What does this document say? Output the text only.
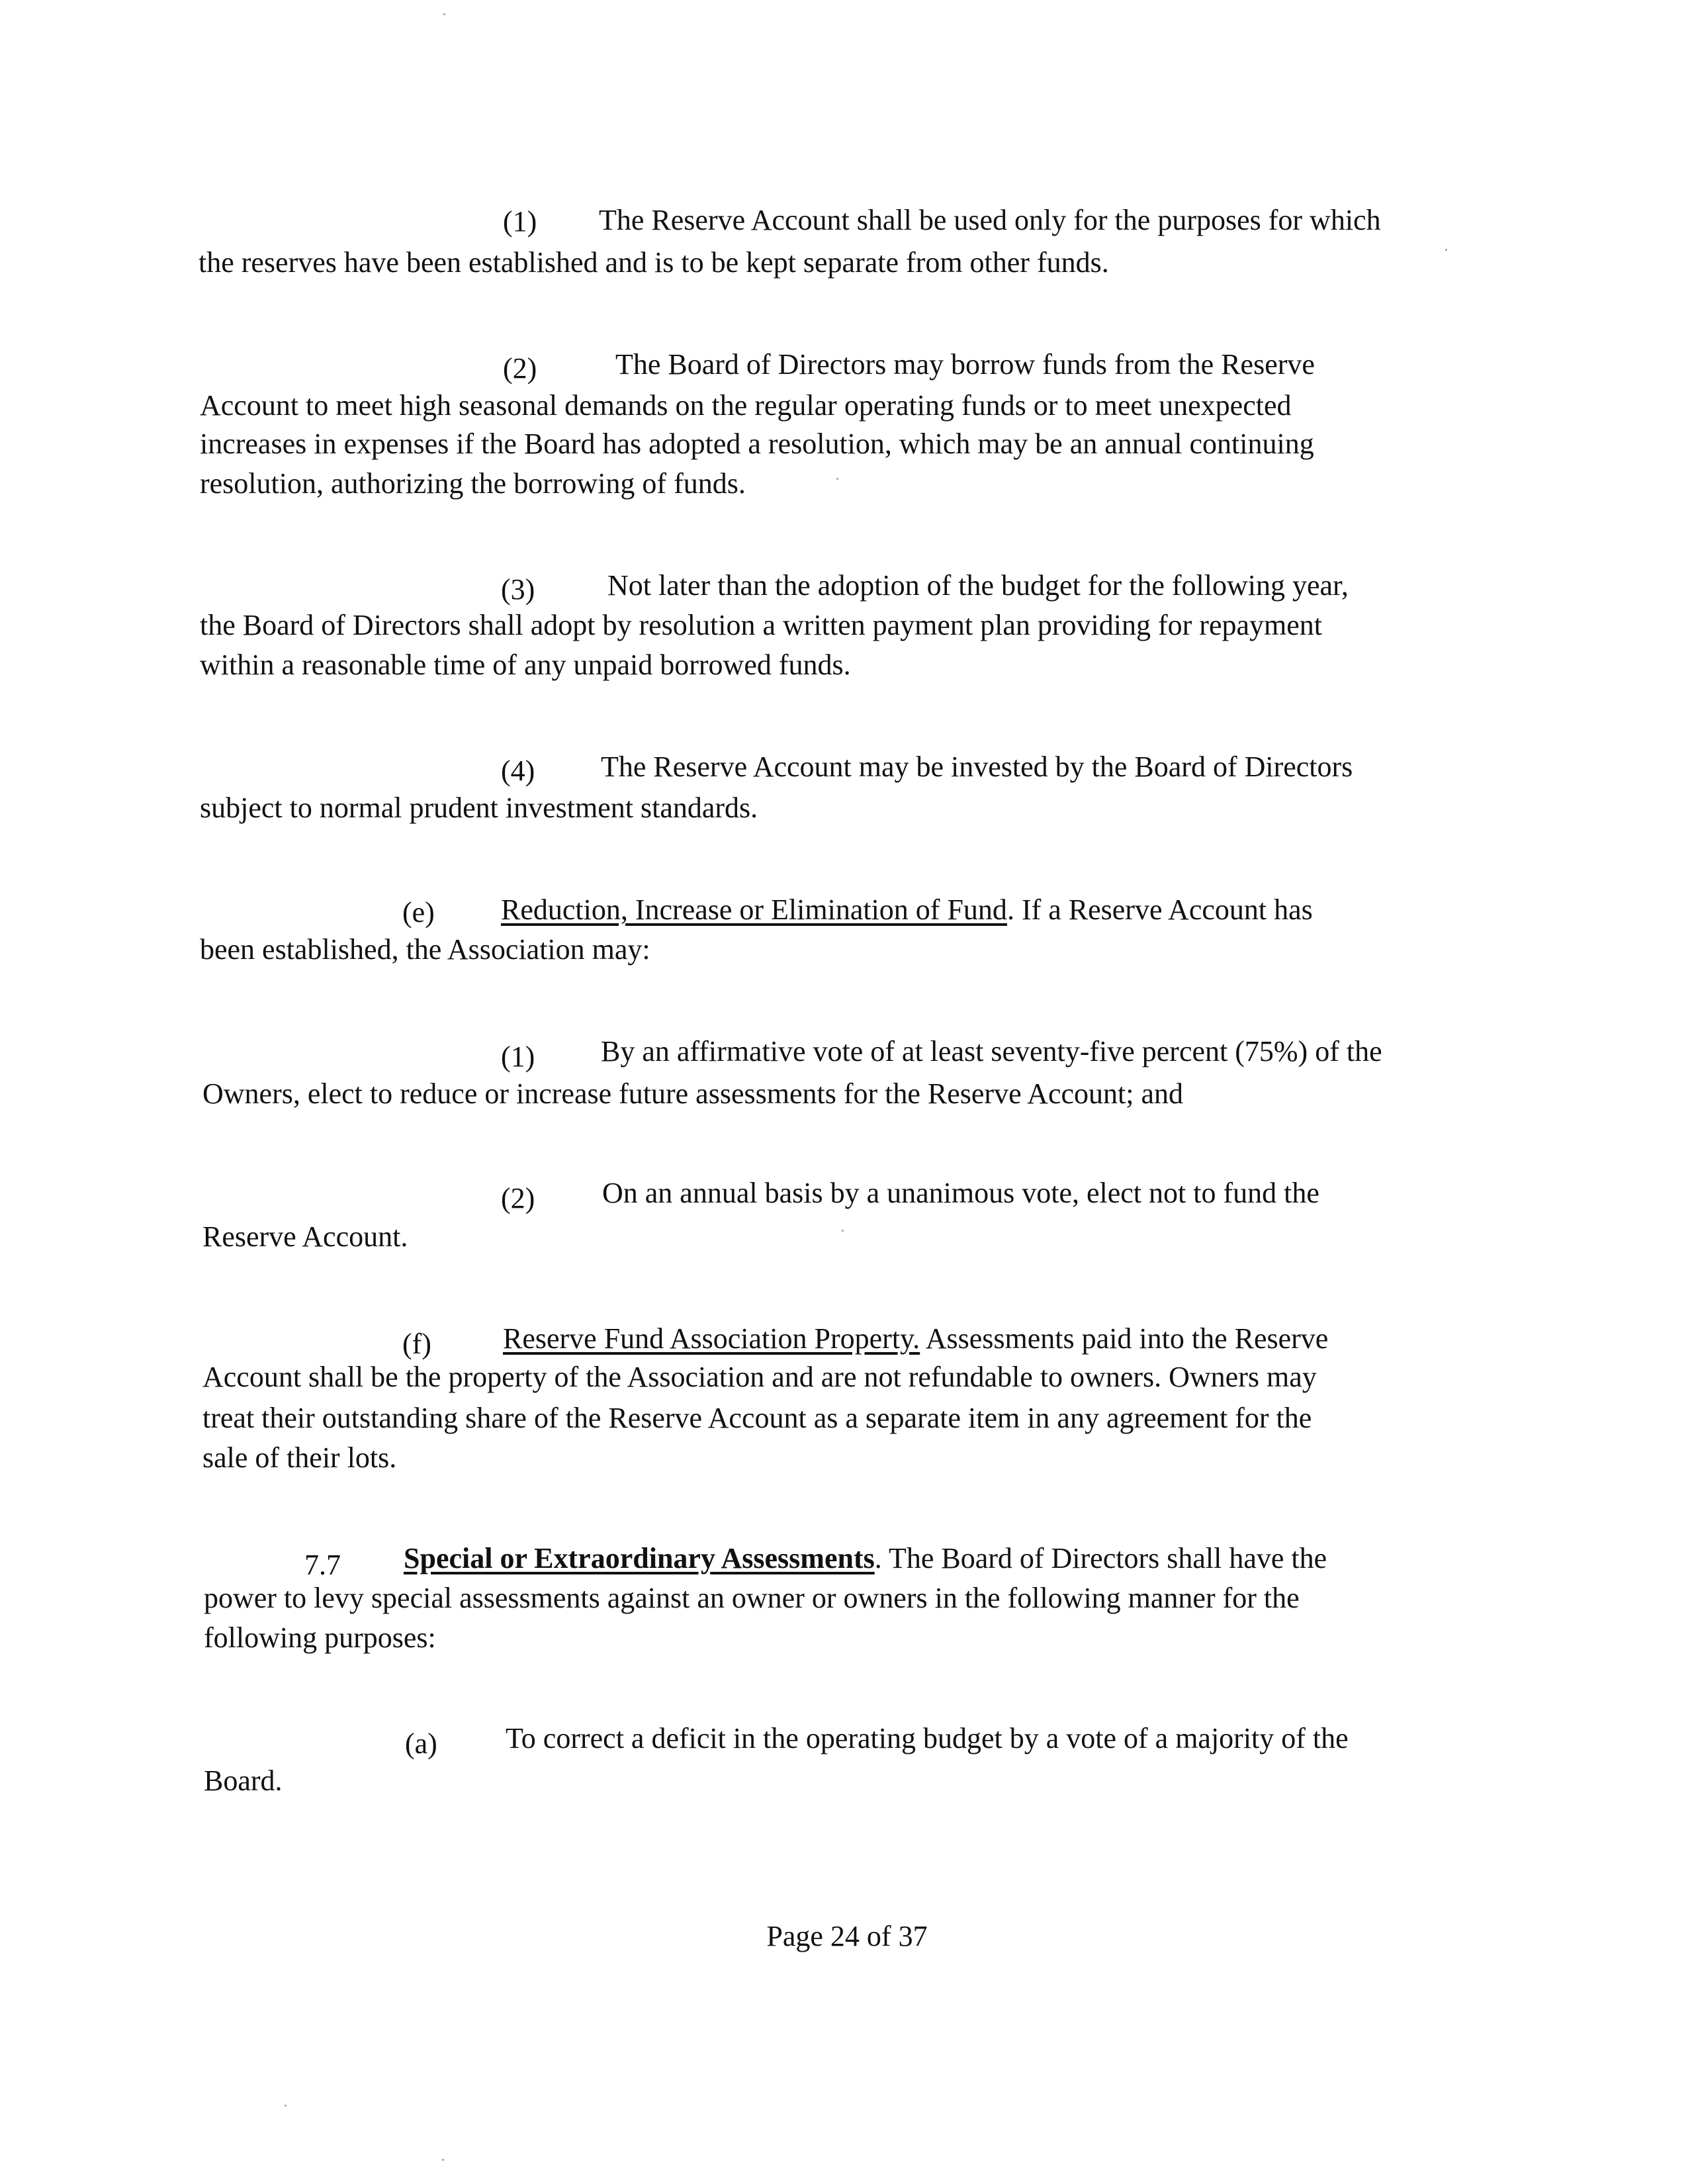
(1) The Reserve Account shall be used only for the purposes for which
the reserves have been established and is to be kept separate from other funds.
(2)	The Board of Directors may borrow funds from the Reserve
Account to meet high seasonal demands on the regular operating funds or to meet unexpected
increases in expenses if the Board has adopted a resolution, which may be an annual continuing
resolution, authorizing the borrowing of funds.
(3) Not later than the adoption of the budget for the following year,
the Board of Directors shall adopt by resolution a written payment plan providing for repayment
within a reasonable time of any unpaid borrowed funds.
(4) The Reserve Account may be invested by the Board of Directors
subject to normal prudent investment standards.
(e) Reduction, Increase or Elimination of Fund. If a Reserve Account has
been established, the Association may:
(1) By an affirmative vote of at least seventy-five percent (75%) of the
Owners, elect to reduce or increase future assessments for the Reserve Account; and
(2) On an annual basis by a unanimous vote, elect not to fund the
Reserve Account.
(f) Reserve Fund Association Property. Assessments paid into the Reserve
Account shall be the property of the Association and are not refundable to owners. Owners may
treat their outstanding share of the Reserve Account as a separate item in any agreement for the
sale of their lots.
7.7 Special or Extraordinary Assessments. The Board of Directors shall have the
power to levy special assessments against an owner or owners in the following manner for the
following purposes:
(a) To correct a deficit in the operating budget by a vote of a majority of the
Board.
Page 24 of 37
